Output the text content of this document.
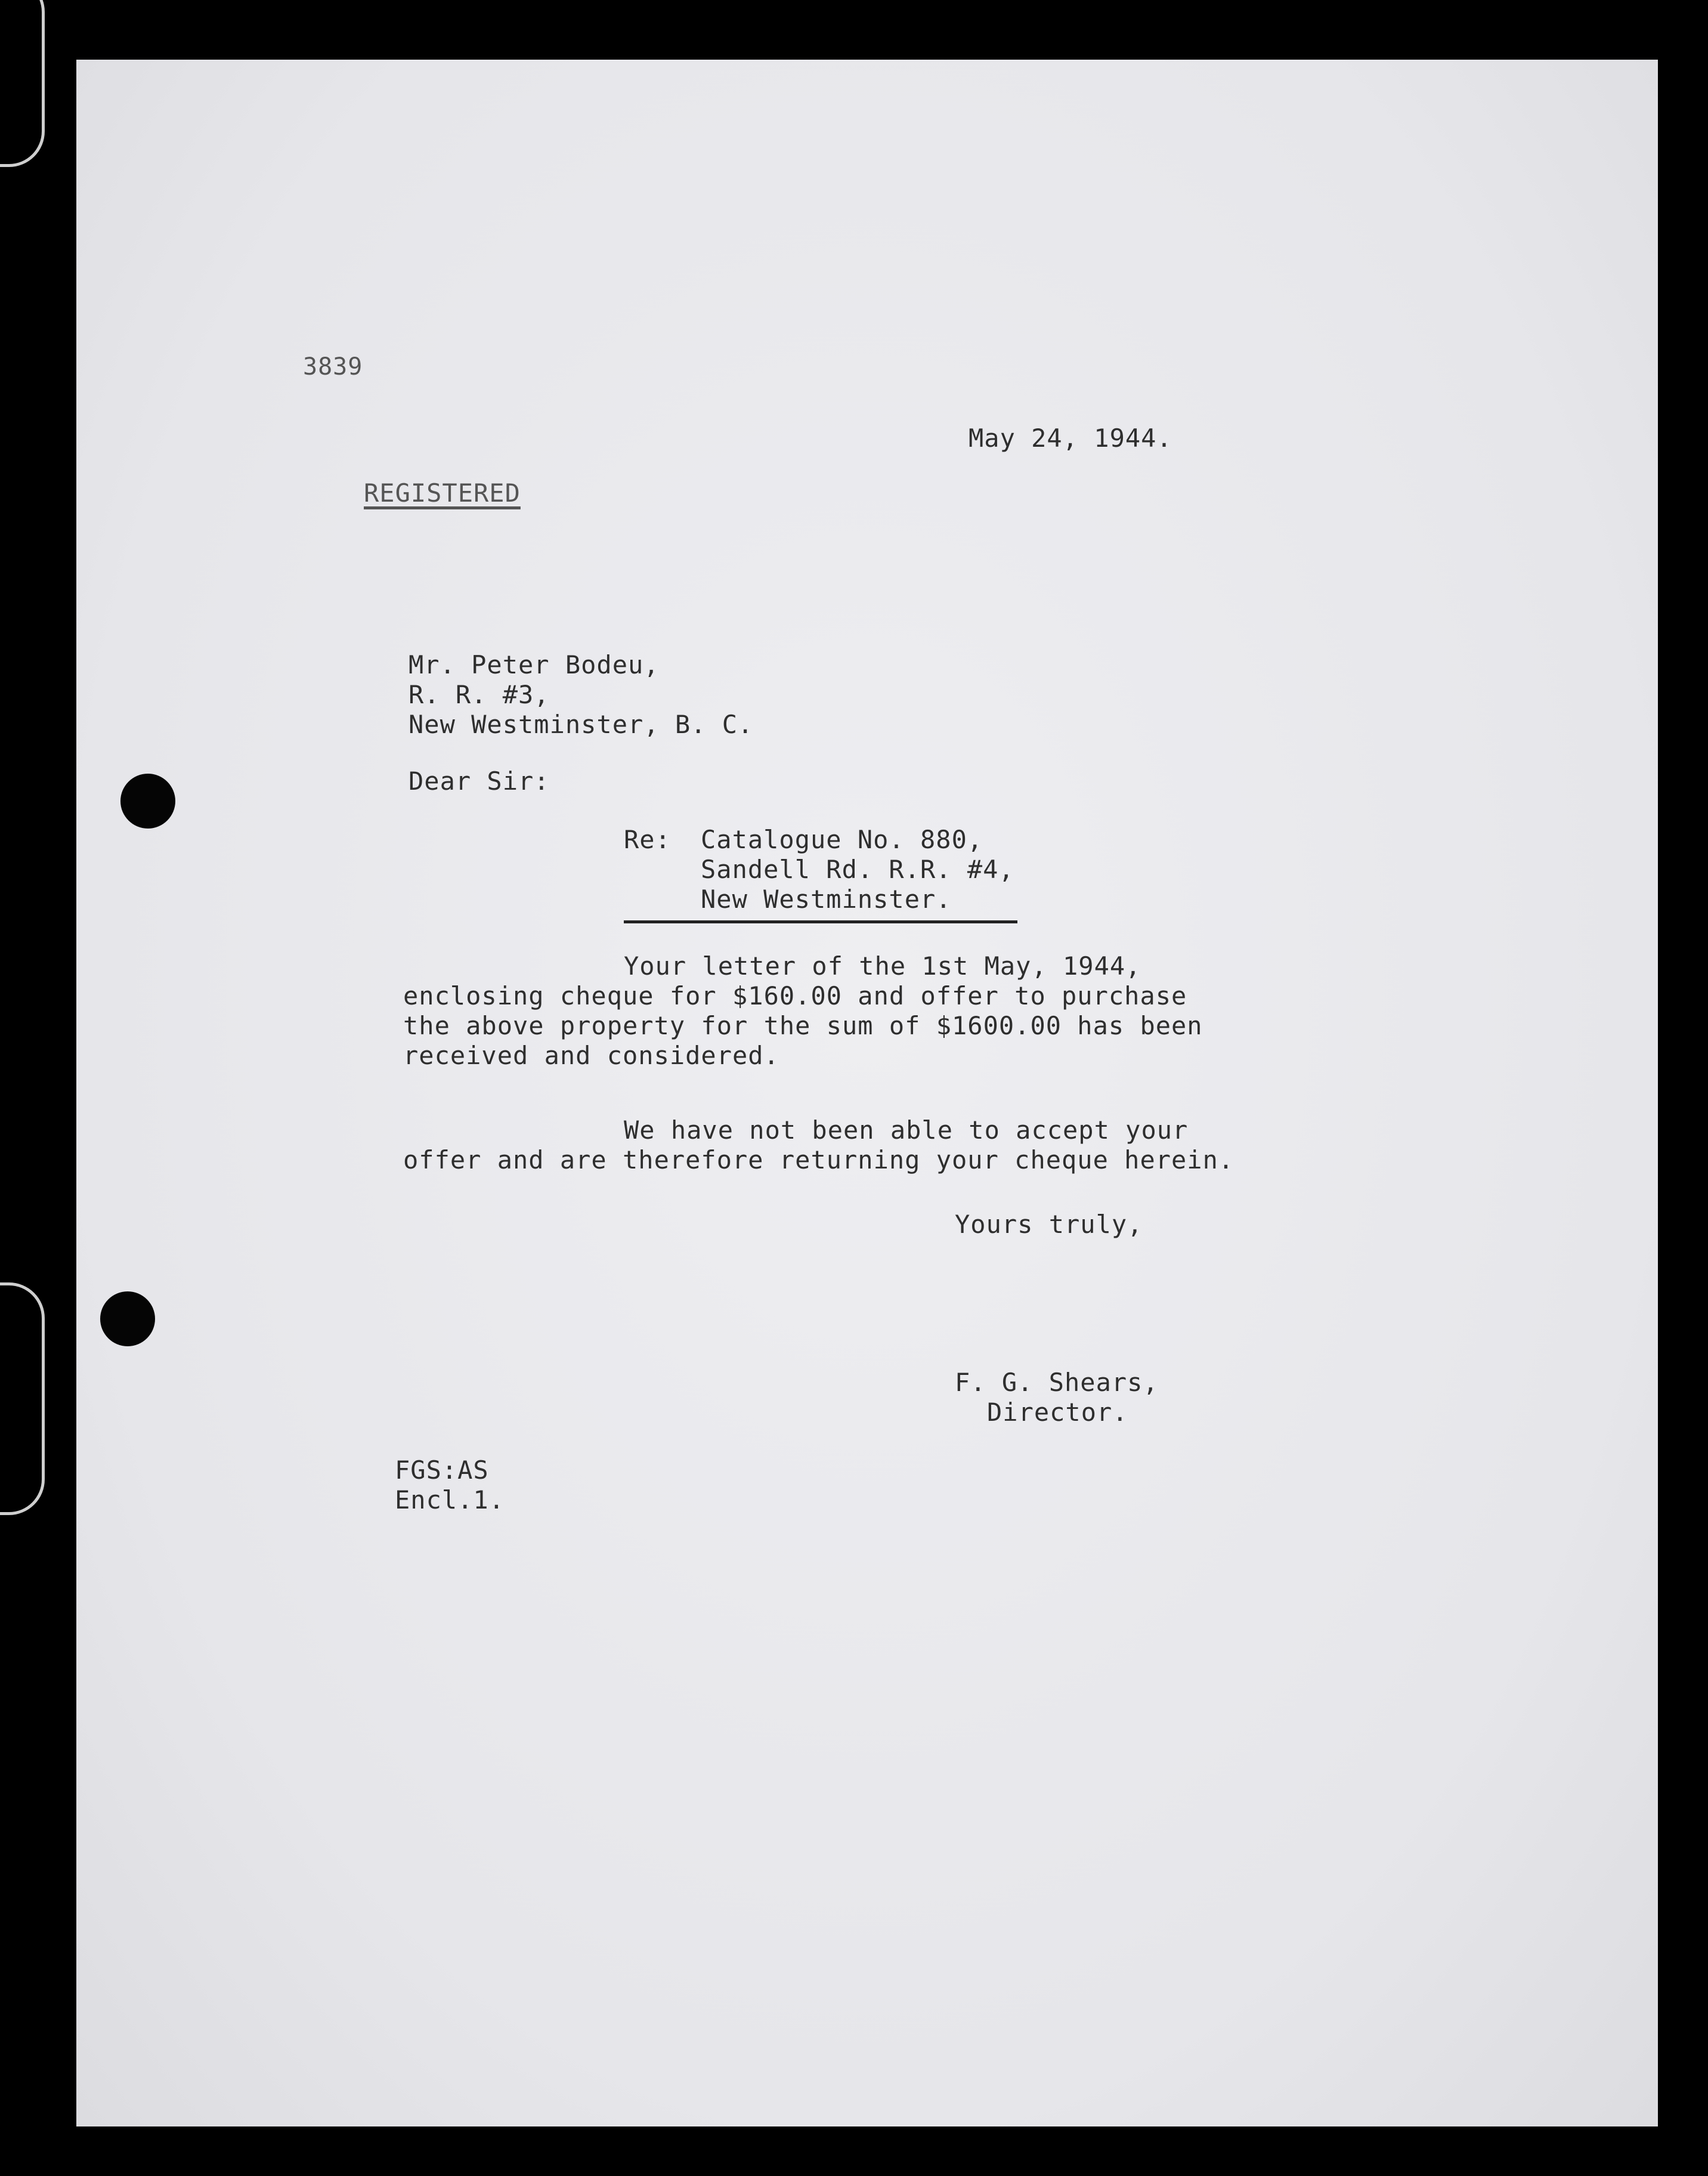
3839

May 24, 1944.

REGISTERED

Mr. Peter Bodeu,

R. R. #3,

New Westminster, B. C.

Dear Sir:

Re: Catalogue No. 880,

Sandell Rd. R.R. #4,

New Westminster.

Your letter of the 1st May, 1944,

enclosing cheque for $160.00 and offer to purchase

the above property for the sum of $1600.00 has been

received and considered.

We have not been able to accept your

offer and are therefore returning your cheque herein.

Yours truly,

F. G. Shears,

Director.

FGS:AS

Encl.1.
